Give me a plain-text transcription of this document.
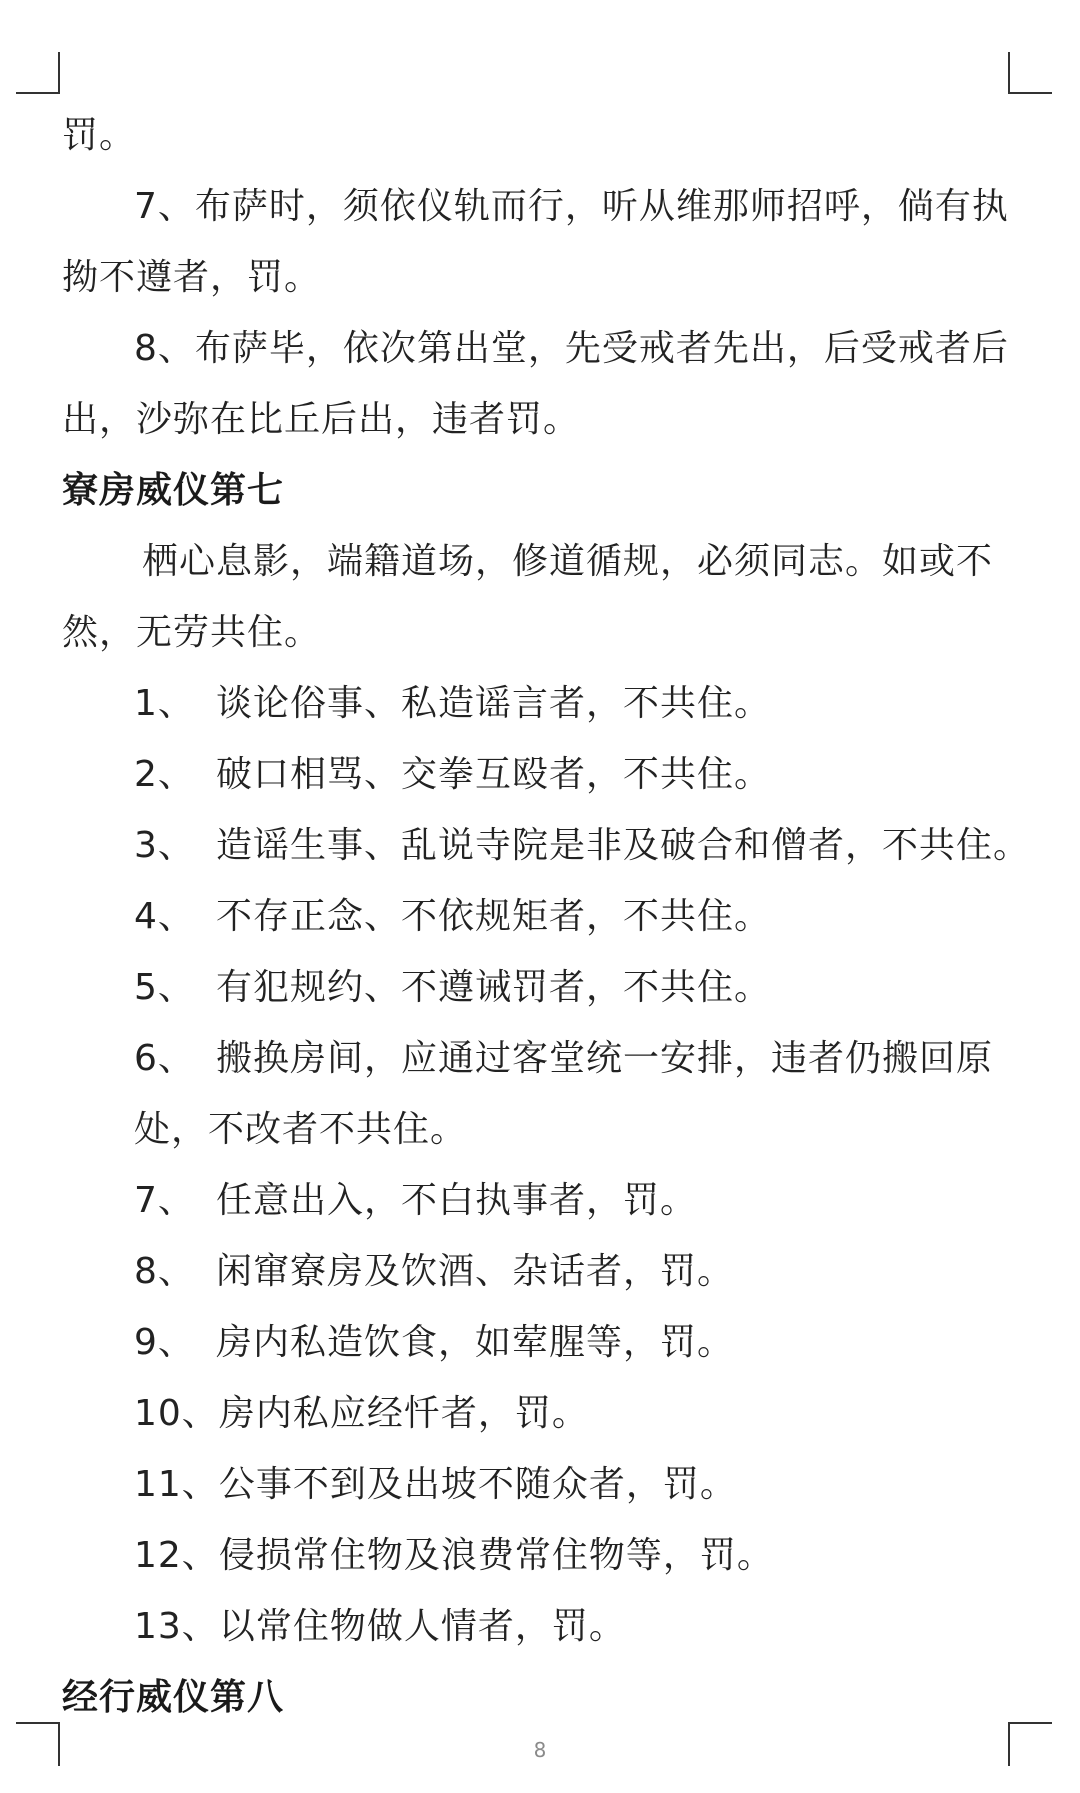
罚。
7、布萨时，须依仪轨而行，听从维那师招呼，倘有执
拗不遵者，罚。
8、布萨毕，依次第出堂，先受戒者先出，后受戒者后
出，沙弥在比丘后出，违者罚。
寮房威仪第七
栖心息影，端籍道场，修道循规，必须同志。如或不
然，无劳共住。
1、 谈论俗事、私造谣言者，不共住。
2、 破口相骂、交拳互殴者，不共住。
3、 造谣生事、乱说寺院是非及破合和僧者，不共住。
4、 不存正念、不依规矩者，不共住。
5、 有犯规约、不遵诫罚者，不共住。
6、 搬换房间，应通过客堂统一安排，违者仍搬回原
处，不改者不共住。
7、 任意出入，不白执事者，罚。
8、 闲窜寮房及饮酒、杂话者，罚。
9、 房内私造饮食，如荤腥等，罚。
10、 房内私应经忏者，罚。
11、 公事不到及出坡不随众者，罚。
12、 侵损常住物及浪费常住物等，罚。
13、 以常住物做人情者，罚。
经行威仪第八
8
